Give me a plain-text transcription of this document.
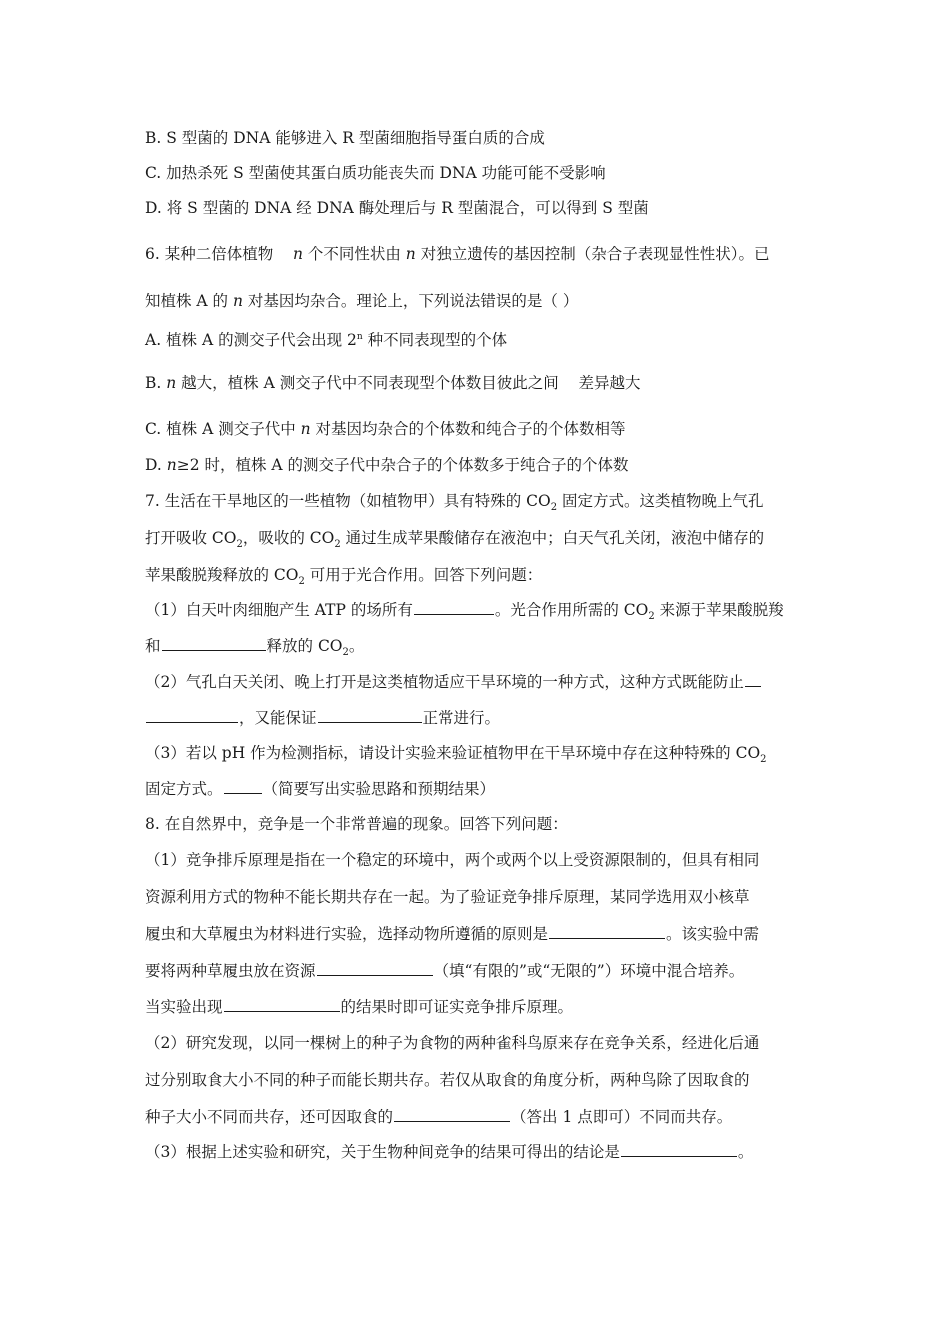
B. S 型菌的 DNA 能够进入 R 型菌细胞指导蛋白质的合成
C. 加热杀死 S 型菌使其蛋白质功能丧失而 DNA 功能可能不受影响
D. 将 S 型菌的 DNA 经 DNA 酶处理后与 R 型菌混合，可以得到 S 型菌
6. 某种二倍体植物 n 个不同性状由 n 对独立遗传的基因控制（杂合子表现显性性状）。已
知植株 A 的 n 对基因均杂合。理论上，下列说法错误的是（ ）
A. 植株 A 的测交子代会出现 2$^n$ 种不同表现型的个体
B. n 越大，植株 A 测交子代中不同表现型个体数目彼此之间 差异越大
C. 植株 A 测交子代中 n 对基因均杂合的个体数和纯合子的个体数相等
D. n≥2 时，植株 A 的测交子代中杂合子的个体数多于纯合子的个体数
7. 生活在干旱地区的一些植物（如植物甲）具有特殊的 $CO_2$ 固定方式。这类植物晚上气孔
打开吸收 $CO_2$，吸收的 $CO_2$ 通过生成苹果酸储存在液泡中；白天气孔关闭，液泡中储存的
苹果酸脱羧释放的 $CO_2$ 可用于光合作用。回答下列问题：
（1）白天叶肉细胞产生 ATP 的场所有	。光合作用所需的 $CO_2$ 来源于苹果酸脱羧
和	释放的 $CO_2$。
（2）气孔白天关闭、晚上打开是这类植物适应干旱环境的一种方式，这种方式既能防止
，又能保证	正常进行。
（3）若以 pH 作为检测指标，请设计实验来验证植物甲在干旱环境中存在这种特殊的 $CO_2$
固定方式。	（简要写出实验思路和预期结果）
8. 在自然界中，竞争是一个非常普遍的现象。回答下列问题：
（1）竞争排斥原理是指在一个稳定的环境中，两个或两个以上受资源限制的，但具有相同
资源利用方式的物种不能长期共存在一起。为了验证竞争排斥原理，某同学选用双小核草
履虫和大草履虫为材料进行实验，选择动物所遵循的原则是	。该实验中需
要将两种草履虫放在资源	（填“有限的”或“无限的”）环境中混合培养。
当实验出现	的结果时即可证实竞争排斥原理。
（2）研究发现，以同一棵树上的种子为食物的两种雀科鸟原来存在竞争关系，经进化后通
过分别取食大小不同的种子而能长期共存。若仅从取食的角度分析，两种鸟除了因取食的
种子大小不同而共存，还可因取食的	（答出 1 点即可）不同而共存。
（3）根据上述实验和研究，关于生物种间竞争的结果可得出的结论是	。
